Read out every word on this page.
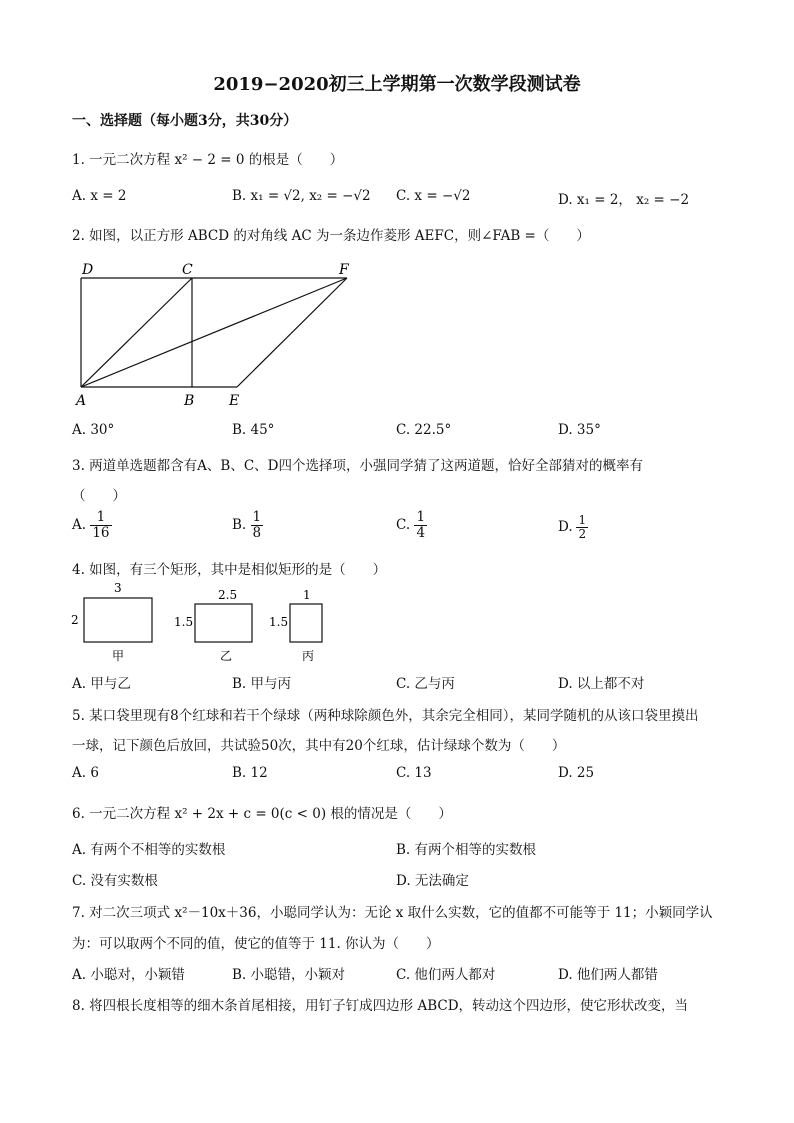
2019−2020初三上学期第一次数学段测试卷
一、选择题（每小题3分，共30分）
1. 一元二次方程 x² − 2 = 0 的根是（　　）
A. x = 2	B. x₁ = √2, x₂ = −√2 C. x = −√2	D. x₁ = 2， x₂ = −2
2. 如图，以正方形 ABCD 的对角线 AC 为一条边作菱形 AEFC，则∠FAB =（　　）
D	C	F
A	B E
A. 30°	B. 45°	C. 22.5°	D. 35°
3. 两道单选题都含有A、B、C、D四个选择项，小强同学猜了这两道题，恰好全部猜对的概率有
（　　）
A. $\frac{1}{16}$	B. $\frac{1}{8}$	C. $\frac{1}{4}$	D. $\frac{1}{2}$
4. 如图，有三个矩形，其中是相似矩形的是（　　）
3
2
甲
2.5
1.5
乙
1
1.5
丙
A. 甲与乙	B. 甲与丙	C. 乙与丙	D. 以上都不对
5. 某口袋里现有8个红球和若干个绿球（两种球除颜色外，其余完全相同），某同学随机的从该口袋里摸出
一球，记下颜色后放回，共试验50次，其中有20个红球，估计绿球个数为（　　）
A. 6	B. 12	C. 13	D. 25
6. 一元二次方程 x² + 2x + c = 0(c < 0) 根的情况是（　　）
A. 有两个不相等的实数根	B. 有两个相等的实数根
C. 没有实数根	D. 无法确定
7. 对二次三项式 x²－10x＋36，小聪同学认为：无论 x 取什么实数，它的值都不可能等于 11；小颖同学认
为：可以取两个不同的值，使它的值等于 11. 你认为（　　）
A. 小聪对，小颖错	B. 小聪错，小颖对	C. 他们两人都对	D. 他们两人都错
8. 将四根长度相等的细木条首尾相接，用钉子钉成四边形 ABCD，转动这个四边形，使它形状改变，当
